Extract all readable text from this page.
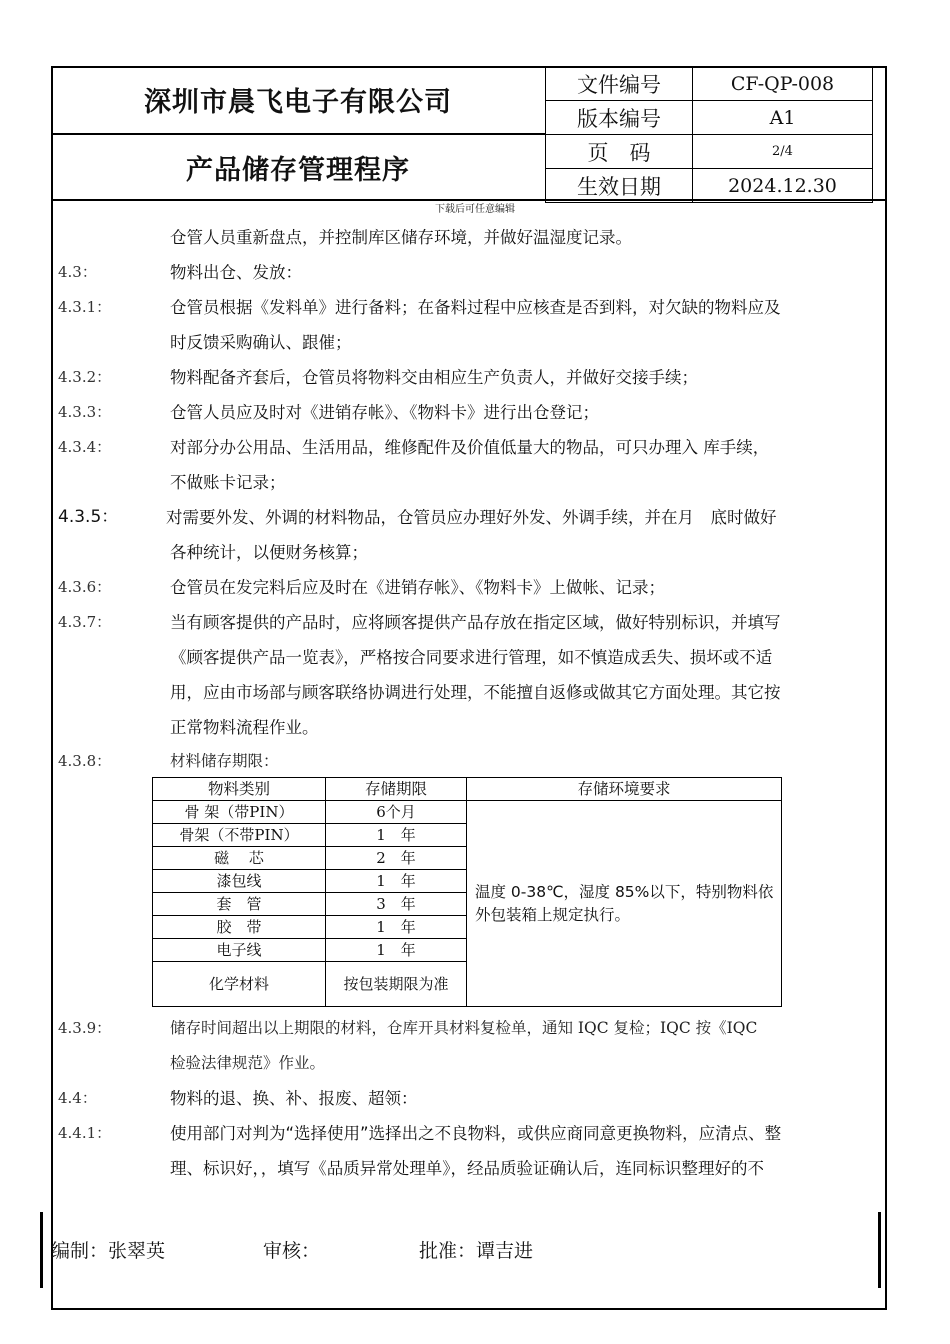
深圳市晨飞电子有限公司
产品储存管理程序
文件编号	CF-QP-008
版本编号	A1
页　码	2/4
生效日期	2024.12.30
下载后可任意编辑
仓管人员重新盘点，并控制库区储存环境，并做好温湿度记录。
4.3：	物料出仓、发放：
4.3.1：	仓管员根据《发料单》进行备料；在备料过程中应核查是否到料，对欠缺的物料应及
时反馈采购确认、跟催；
4.3.2：	物料配备齐套后，仓管员将物料交由相应生产负责人，并做好交接手续；
4.3.3：	仓管人员应及时对《进销存帐》、《物料卡》进行出仓登记；
4.3.4：	对部分办公用品、生活用品，维修配件及价值低量大的物品，可只办理入 库手续，
不做账卡记录；
4.3.5：	对需要外发、外调的材料物品，仓管员应办理好外发、外调手续，并在月　底时做好
各种统计，以便财务核算；
4.3.6：	仓管员在发完料后应及时在《进销存帐》、《物料卡》上做帐、记录；
4.3.7：	当有顾客提供的产品时，应将顾客提供产品存放在指定区域，做好特别标识，并填写
《顾客提供产品一览表》，严格按合同要求进行管理，如不慎造成丢失、损坏或不适
用，应由市场部与顾客联络协调进行处理，不能擅自返修或做其它方面处理。其它按
正常物料流程作业。
4.3.8：	材料储存期限：
物料类别	存储期限	存储环境要求
骨 架（带PIN）	6个月	温度 0-38℃，湿度 85%以下，特别物料依外包装箱上规定执行。
骨架（不带PIN）	1　年	
磁　 芯	2　年	
漆包线	1　年	
套　管	3　年	
胶　带	1　年	
电子线	1　年	
化学材料	按包装期限为准	
4.3.9：	储存时间超出以上期限的材料，仓库开具材料复检单，通知 IQC 复检；IQC 按《IQC
检验法律规范》作业。
4.4：	物料的退、换、补、报废、超领：
4.4.1：	使用部门对判为“选择使用”选择出之不良物料，或供应商同意更换物料，应清点、整
理、标识好，，填写《品质异常处理单》，经品质验证确认后，连同标识整理好的不
编制：张翠英	审核：	批准：谭吉进
